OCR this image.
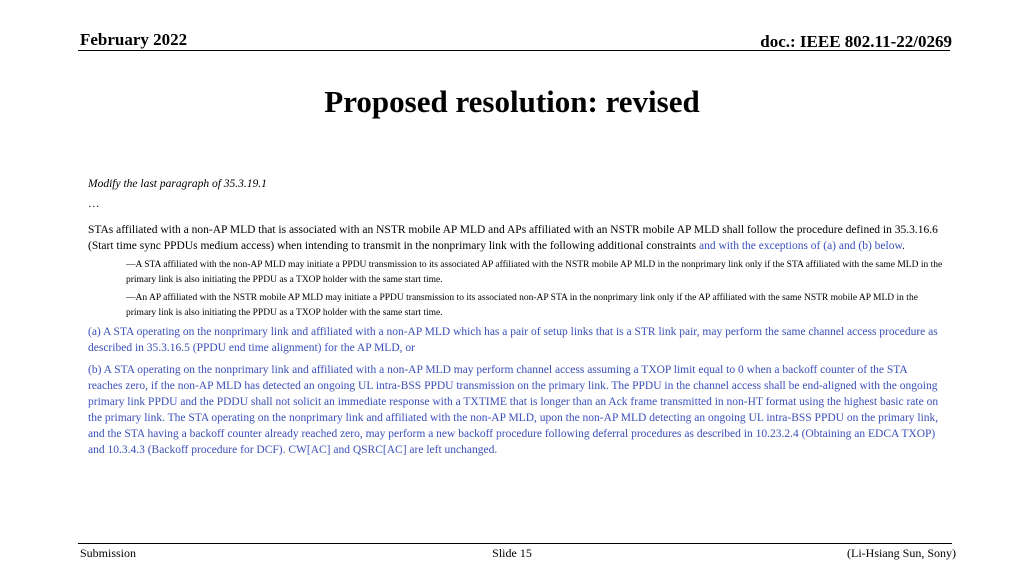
February 2022	doc.: IEEE 802.11-22/0269
Proposed resolution: revised

Modify the last paragraph of 35.3.19.1

…

STAs affiliated with a non-AP MLD that is associated with an NSTR mobile AP MLD and APs affiliated with an NSTR mobile AP MLD shall follow the procedure defined in 35.3.16.6 (Start time sync PPDUs medium access) when intending to transmit in the nonprimary link with the following additional constraints and with the exceptions of (a) and (b) below.

—A STA affiliated with the non-AP MLD may initiate a PPDU transmission to its associated AP affiliated with the NSTR mobile AP MLD in the nonprimary link only if the STA affiliated with the same MLD in the primary link is also initiating the PPDU as a TXOP holder with the same start time.

—An AP affiliated with the NSTR mobile AP MLD may initiate a PPDU transmission to its associated non-AP STA in the nonprimary link only if the AP affiliated with the same NSTR mobile AP MLD in the primary link is also initiating the PPDU as a TXOP holder with the same start time.

(a) A STA operating on the nonprimary link and affiliated with a non-AP MLD which has a pair of setup links that is a STR link pair, may perform the same channel access procedure as described in 35.3.16.5 (PPDU end time alignment) for the AP MLD, or

(b) A STA operating on the nonprimary link and affiliated with a non-AP MLD may perform channel access assuming a TXOP limit equal to 0 when a backoff counter of the STA reaches zero, if the non-AP MLD has detected an ongoing UL intra-BSS PPDU transmission on the primary link. The PPDU in the channel access shall be end-aligned with the ongoing primary link PPDU and the PDDU shall not solicit an immediate response with a TXTIME that is longer than an Ack frame transmitted in non-HT format using the highest basic rate on the primary link. The STA operating on the nonprimary link and affiliated with the non-AP MLD, upon the non-AP MLD detecting an ongoing UL intra-BSS PPDU on the primary link, and the STA having a backoff counter already reached zero, may perform a new backoff procedure following deferral procedures as described in 10.23.2.4 (Obtaining an EDCA TXOP) and 10.3.4.3 (Backoff procedure for DCF). CW[AC] and QSRC[AC] are left unchanged.

Submission	Slide 15	(Li-Hsiang Sun, Sony)
